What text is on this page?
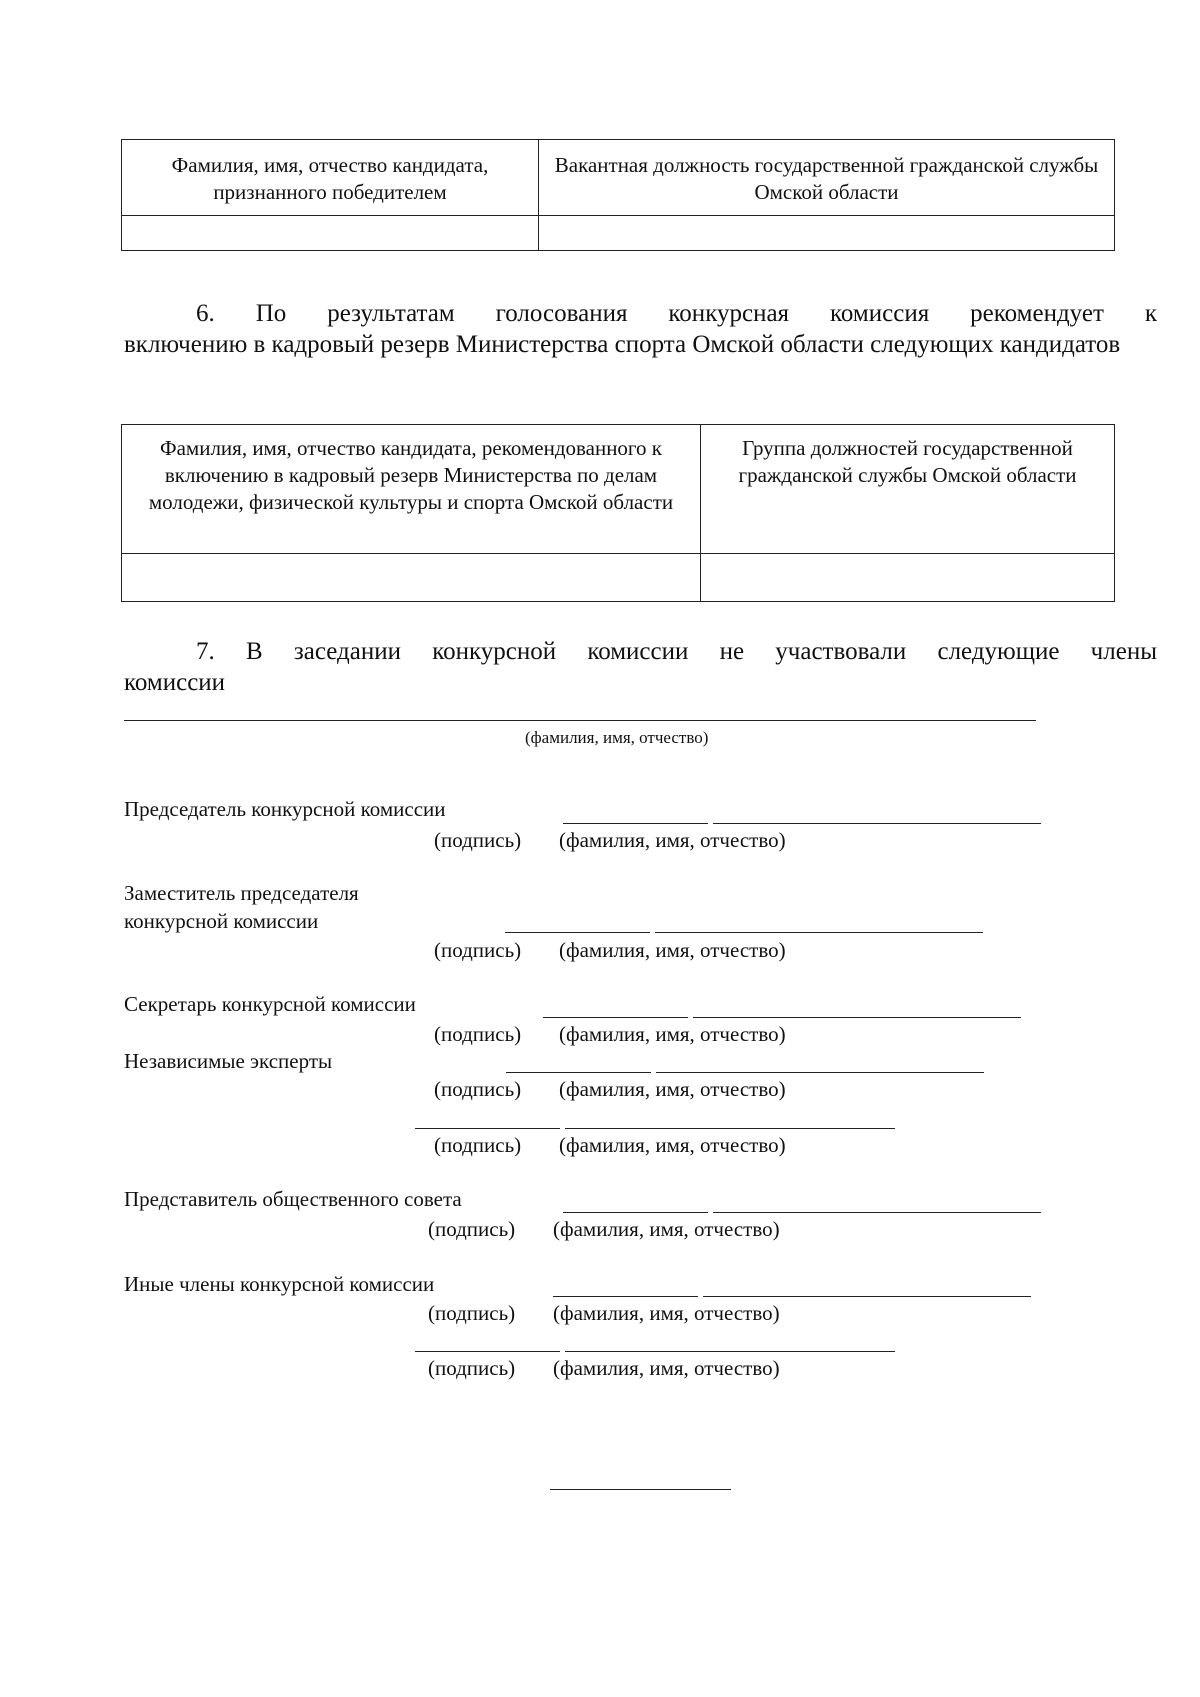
Фамилия, имя, отчество кандидата, признанного победителем	Вакантная должность государственной гражданской службы Омской области

6. По результатам голосования конкурсная комиссия рекомендует к
включению в кадровый резерв Министерства спорта Омской области следующих кандидатов
Фамилия, имя, отчество кандидата, рекомендованного к включению в кадровый резерв Министерства по делам молодежи, физической культуры и спорта Омской области	Группа должностей государственной гражданской службы Омской области

7. В заседании конкурсной комиссии не участвовали следующие члены
комиссии
(фамилия, имя, отчество)
Председатель конкурсной комиссии
(подпись) (фамилия, имя, отчество)
Заместитель председателя
конкурсной комиссии
(подпись) (фамилия, имя, отчество)
Секретарь конкурсной комиссии
(подпись) (фамилия, имя, отчество)
Независимые эксперты
(подпись) (фамилия, имя, отчество)
(подпись) (фамилия, имя, отчество)
Представитель общественного совета
(подпись) (фамилия, имя, отчество)
Иные члены конкурсной комиссии
(подпись) (фамилия, имя, отчество)
(подпись) (фамилия, имя, отчество)
